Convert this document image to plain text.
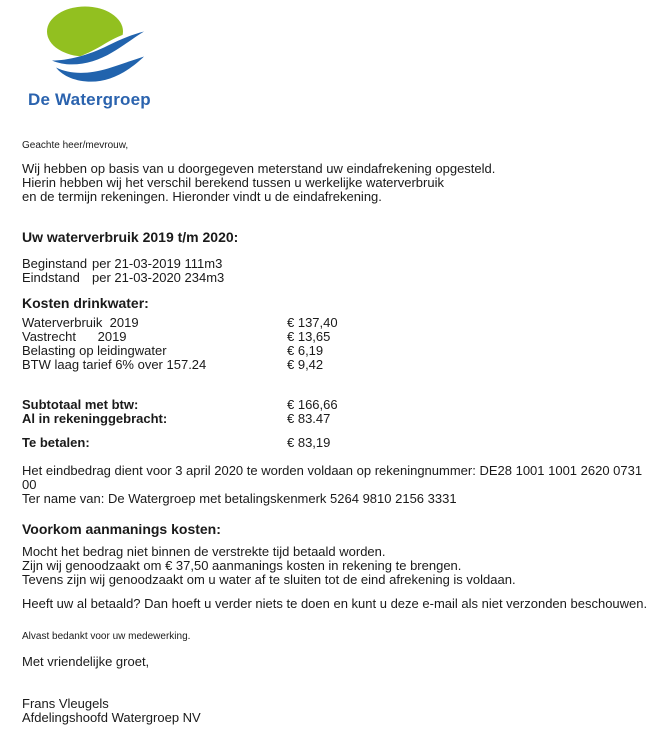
De Watergroep
Geachte heer/mevrouw,
Wij hebben op basis van u doorgegeven meterstand uw eindafrekening opgesteld.
Hierin hebben wij het verschil berekend tussen u werkelijke waterverbruik
en de termijn rekeningen. Hieronder vindt u de eindafrekening.
Uw waterverbruik 2019 t/m 2020:
Beginstand per 21-03-2019 111m3
Eindstand per 21-03-2020 234m3
Kosten drinkwater:
Waterverbruik  2019	€ 137,40
Vastrecht      2019	€ 13,65
Belasting op leidingwater	€ 6,19
BTW laag tarief 6% over 157.24	€ 9,42
Subtotaal met btw:	€ 166,66
Al in rekeninggebracht:	€ 83.47
Te betalen:	€ 83,19
Het eindbedrag dient voor 3 april 2020 te worden voldaan op rekeningnummer: DE28 1001 1001 2620 0731
00
Ter name van: De Watergroep met betalingskenmerk 5264 9810 2156 3331
Voorkom aanmanings kosten:
Mocht het bedrag niet binnen de verstrekte tijd betaald worden.
Zijn wij genoodzaakt om € 37,50 aanmanings kosten in rekening te brengen.
Tevens zijn wij genoodzaakt om u water af te sluiten tot de eind afrekening is voldaan.
Heeft uw al betaald? Dan hoeft u verder niets te doen en kunt u deze e-mail als niet verzonden beschouwen.
Alvast bedankt voor uw medewerking.
Met vriendelijke groet,
Frans Vleugels
Afdelingshoofd Watergroep NV
